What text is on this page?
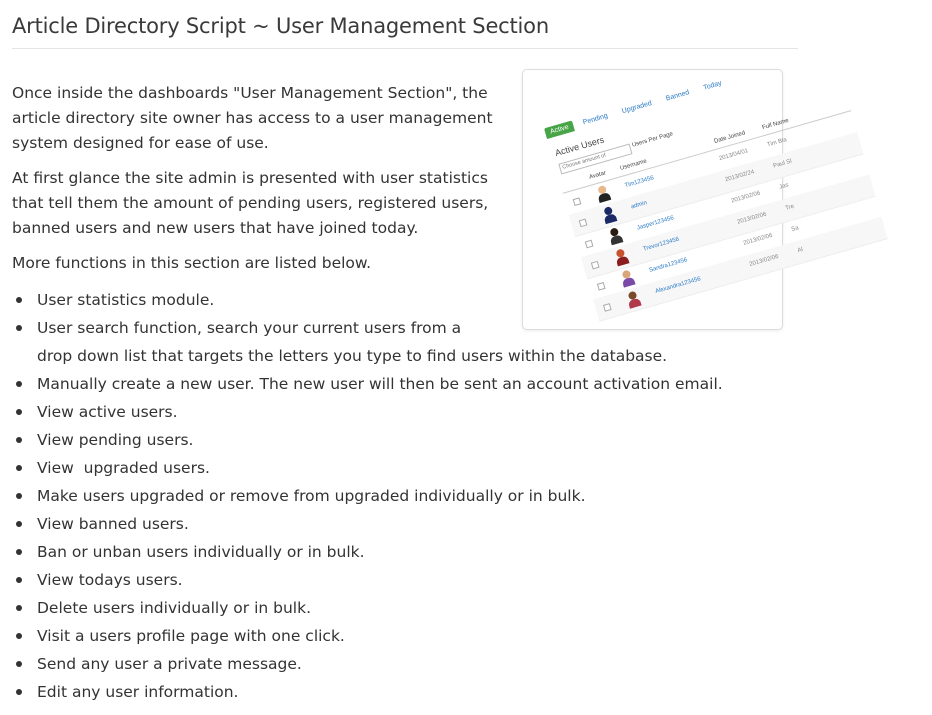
Article Directory Script ~ User Management Section

Once inside the dashboards "User Management Section", the article directory site owner has access to a user management system designed for ease of use.

At first glance the site admin is presented with user statistics that tell them the amount of pending users, registered users, banned users and new users that have joined today.

More functions in this section are listed below.

Active Pending Upgraded Banned Today
Active Users
Choose amount of
Users Per Page
Avatar
Username
Date Joined
Full Name
Tim123456
2013/04/01
Tim Bla
admin
2013/02/24
Paul Sl
Jasper123456
2013/02/06
Jas
Trevor123456
2013/02/06
Tre
Sandra123456
2013/02/06
Sa
Alexandra123456
2013/02/06
Al
User statistics module.
User search function, search your current users from a
drop down list that targets the letters you type to find users within the database.
Manually create a new user. The new user will then be sent an account activation email.
View active users.
View pending users.
View  upgraded users.
Make users upgraded or remove from upgraded individually or in bulk.
View banned users.
Ban or unban users individually or in bulk.
View todays users.
Delete users individually or in bulk.
Visit a users profile page with one click.
Send any user a private message.
Edit any user information.
